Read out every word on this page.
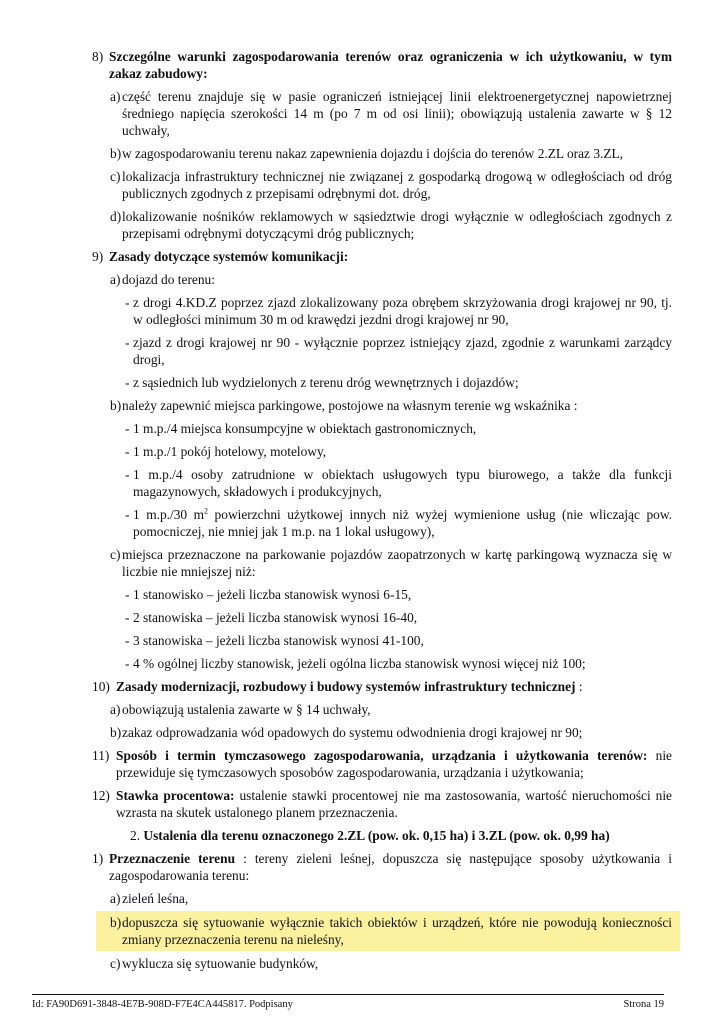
8) Szczególne warunki zagospodarowania terenów oraz ograniczenia w ich użytkowaniu, w tym zakaz zabudowy:
a) część terenu znajduje się w pasie ograniczeń istniejącej linii elektroenergetycznej napowietrznej średniego napięcia szerokości 14 m (po 7 m od osi linii); obowiązują ustalenia zawarte w § 12 uchwały,
b) w zagospodarowaniu terenu nakaz zapewnienia dojazdu i dojścia do terenów 2.ZL oraz 3.ZL,
c) lokalizacja infrastruktury technicznej nie związanej z gospodarką drogową w odległościach od dróg publicznych zgodnych z przepisami odrębnymi dot. dróg,
d) lokalizowanie nośników reklamowych w sąsiedztwie drogi wyłącznie w odległościach zgodnych z przepisami odrębnymi dotyczącymi dróg publicznych;
9) Zasady dotyczące systemów komunikacji:
a) dojazd do terenu:
- z drogi 4.KD.Z poprzez zjazd zlokalizowany poza obrębem skrzyżowania drogi krajowej nr 90, tj. w odległości minimum 30 m od krawędzi jezdni drogi krajowej nr 90,
- zjazd z drogi krajowej nr 90 - wyłącznie poprzez istniejący zjazd, zgodnie z warunkami zarządcy drogi,
- z sąsiednich lub wydzielonych z terenu dróg wewnętrznych i dojazdów;
b) należy zapewnić miejsca parkingowe, postojowe na własnym terenie wg wskaźnika :
- 1 m.p./4 miejsca konsumpcyjne w obiektach gastronomicznych,
- 1 m.p./1 pokój hotelowy, motelowy,
- 1 m.p./4 osoby zatrudnione w obiektach usługowych typu biurowego, a także dla funkcji magazynowych, składowych i produkcyjnych,
- 1 m.p./30 $m^2$ powierzchni użytkowej innych niż wyżej wymienione usług (nie wliczając pow. pomocniczej, nie mniej jak 1 m.p. na 1 lokal usługowy),
c) miejsca przeznaczone na parkowanie pojazdów zaopatrzonych w kartę parkingową wyznacza się w liczbie nie mniejszej niż:
- 1 stanowisko – jeżeli liczba stanowisk wynosi 6-15,
- 2 stanowiska – jeżeli liczba stanowisk wynosi 16-40,
- 3 stanowiska – jeżeli liczba stanowisk wynosi 41-100,
- 4 % ogólnej liczby stanowisk, jeżeli ogólna liczba stanowisk wynosi więcej niż 100;
10) Zasady modernizacji, rozbudowy i budowy systemów infrastruktury technicznej :
a) obowiązują ustalenia zawarte w § 14 uchwały,
b) zakaz odprowadzania wód opadowych do systemu odwodnienia drogi krajowej nr 90;
11) Sposób i termin tymczasowego zagospodarowania, urządzania i użytkowania terenów: nie przewiduje się tymczasowych sposobów zagospodarowania, urządzania i użytkowania;
12) Stawka procentowa: ustalenie stawki procentowej nie ma zastosowania, wartość nieruchomości nie wzrasta na skutek ustalonego planem przeznaczenia.
2. Ustalenia dla terenu oznaczonego 2.ZL (pow. ok. 0,15 ha) i 3.ZL (pow. ok. 0,99 ha)
1) Przeznaczenie terenu : tereny zieleni leśnej, dopuszcza się następujące sposoby użytkowania i zagospodarowania terenu:
a) zieleń leśna,
b) dopuszcza się sytuowanie wyłącznie takich obiektów i urządzeń, które nie powodują konieczności zmiany przeznaczenia terenu na nieleśny,
c) wyklucza się sytuowanie budynków,
Id: FA90D691-3848-4E7B-908D-F7E4CA445817. Podpisany	Strona 19
